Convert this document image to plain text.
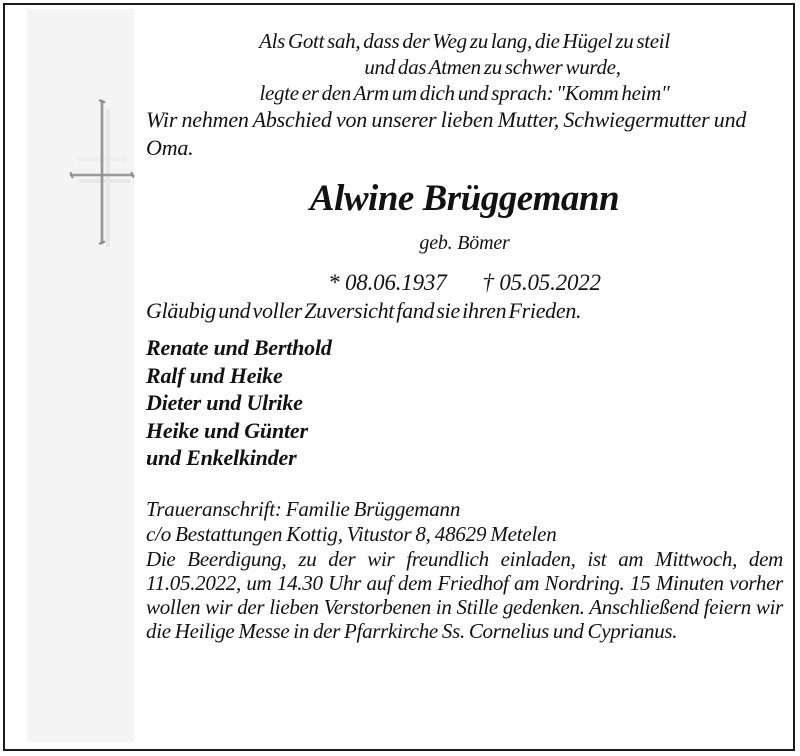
Als Gott sah, dass der Weg zu lang, die Hügel zu steil
und das Atmen zu schwer wurde,
legte er den Arm um dich und sprach: "Komm heim"

Wir nehmen Abschied von unserer lieben Mutter, Schwiegermutter und Oma.

Alwine Brüggemann
geb. Bömer
* 08.06.1937 † 05.05.2022

Gläubig und voller Zuversicht fand sie ihren Frieden.

Renate und Berthold
Ralf und Heike
Dieter und Ulrike
Heike und Günter
und Enkelkinder
Traueranschrift: Familie Brüggemann
c/o Bestattungen Kottig, Vitustor 8, 48629 Metelen

Die Beerdigung, zu der wir freundlich einladen, ist am Mittwoch, dem 11.05.2022, um 14.30 Uhr auf dem Friedhof am Nordring. 15 Minuten vorher wollen wir der lieben Verstorbenen in Stille gedenken. Anschließend feiern wir die Heilige Messe in der Pfarrkirche Ss. Cornelius und Cyprianus.
